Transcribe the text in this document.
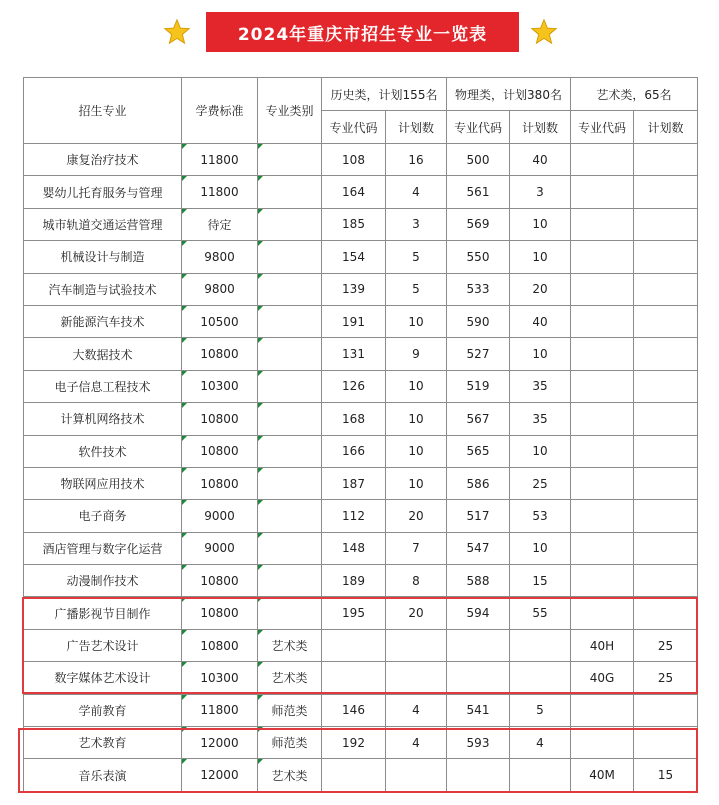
2024年重庆市招生专业一览表
招生专业	学费标准	专业类别	历史类，计划155名		物理类，计划380名		艺术类，65名	
			专业代码	计划数	专业代码	计划数	专业代码	计划数
康复治疗技术	11800		108	16	500	40		
婴幼儿托育服务与管理	11800		164	4	561	3		
城市轨道交通运营管理	待定		185	3	569	10		
机械设计与制造	9800		154	5	550	10		
汽车制造与试验技术	9800		139	5	533	20		
新能源汽车技术	10500		191	10	590	40		
大数据技术	10800		131	9	527	10		
电子信息工程技术	10300		126	10	519	35		
计算机网络技术	10800		168	10	567	35		
软件技术	10800		166	10	565	10		
物联网应用技术	10800		187	10	586	25		
电子商务	9000		112	20	517	53		
酒店管理与数字化运营	9000		148	7	547	10		
动漫制作技术	10800		189	8	588	15		
广播影视节目制作	10800		195	20	594	55		
广告艺术设计	10800	艺术类					40H	25
数字媒体艺术设计	10300	艺术类					40G	25
学前教育	11800	师范类	146	4	541	5		
艺术教育	12000	师范类	192	4	593	4		
音乐表演	12000	艺术类					40M	15
